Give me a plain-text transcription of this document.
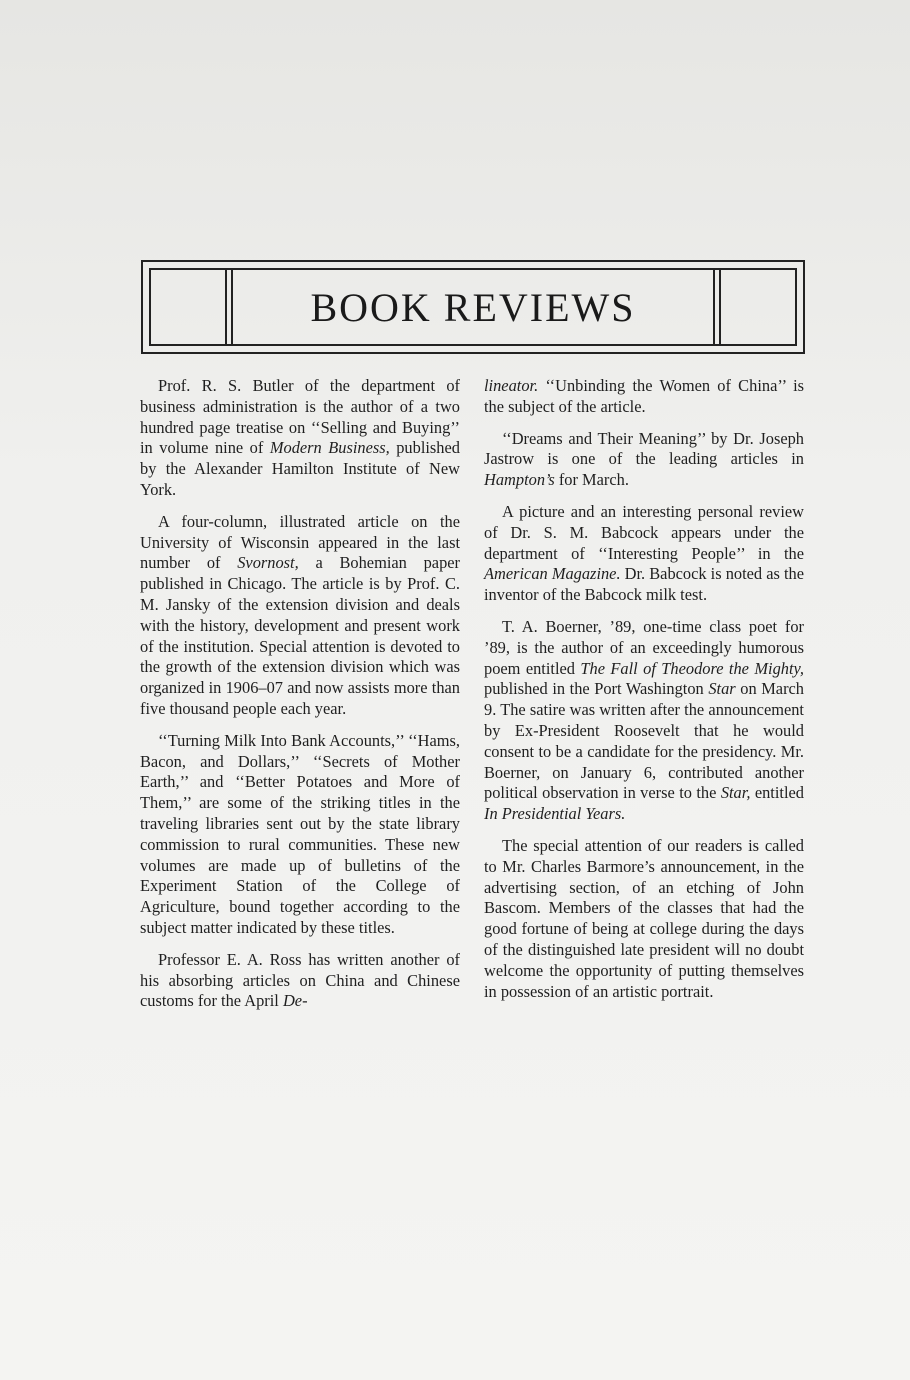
BOOK REVIEWS

Prof. R. S. Butler of the department of business administration is the author of a two hundred page treatise on ‘‘Selling and Buying’’ in volume nine of Modern Business, published by the Alexander Hamilton Institute of New York.

A four-column, illustrated article on the University of Wisconsin appeared in the last number of Svornost, a Bohemian paper published in Chicago. The article is by Prof. C. M. Jansky of the extension division and deals with the history, development and present work of the institution. Special attention is devoted to the growth of the extension division which was organized in 1906–07 and now assists more than five thousand people each year.

‘‘Turning Milk Into Bank Accounts,’’ ‘‘Hams, Bacon, and Dollars,’’ ‘‘Secrets of Mother Earth,’’ and ‘‘Better Potatoes and More of Them,’’ are some of the striking titles in the traveling libraries sent out by the state library commission to rural communities. These new volumes are made up of bulletins of the Experiment Station of the College of Agriculture, bound together according to the subject matter indicated by these titles.

Professor E. A. Ross has written another of his absorbing articles on China and Chinese customs for the April De-

lineator. ‘‘Unbinding the Women of China’’ is the subject of the article.

‘‘Dreams and Their Meaning’’ by Dr. Joseph Jastrow is one of the leading articles in Hampton’s for March.

A picture and an interesting personal review of Dr. S. M. Babcock appears under the department of ‘‘Interesting People’’ in the American Magazine. Dr. Babcock is noted as the inventor of the Babcock milk test.

T. A. Boerner, ’89, one-time class poet for ’89, is the author of an exceedingly humorous poem entitled The Fall of Theodore the Mighty, published in the Port Washington Star on March 9. The satire was written after the announcement by Ex-President Roosevelt that he would consent to be a candidate for the presidency. Mr. Boerner, on January 6, contributed another political observation in verse to the Star, entitled In Presidential Years.

The special attention of our readers is called to Mr. Charles Barmore’s announcement, in the advertising section, of an etching of John Bascom. Members of the classes that had the good fortune of being at college during the days of the distinguished late president will no doubt welcome the opportunity of putting themselves in possession of an artistic portrait.
